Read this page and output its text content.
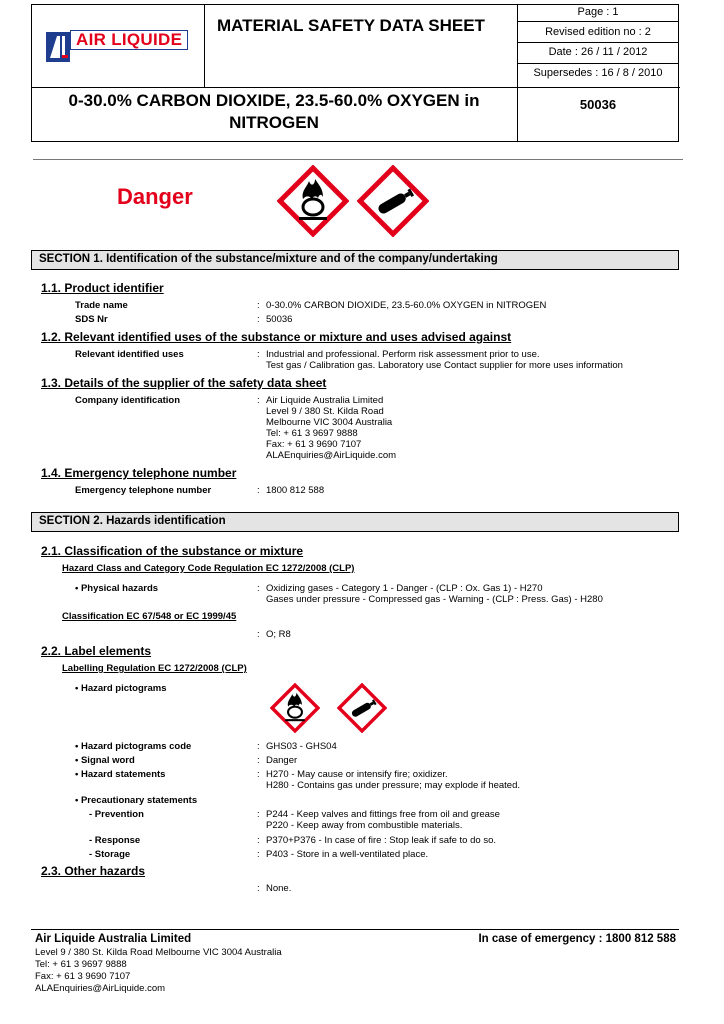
AIR LIQUIDE
MATERIAL SAFETY DATA SHEET
Page : 1
Revised edition no : 2
Date : 26 / 11 / 2012
Supersedes : 16 / 8 / 2010
0-30.0% CARBON DIOXIDE, 23.5-60.0% OXYGEN in NITROGEN
50036
Danger
SECTION 1. Identification of the substance/mixture and of the company/undertaking
1.1. Product identifier
Trade name	: 0-30.0% CARBON DIOXIDE, 23.5-60.0% OXYGEN in NITROGEN
SDS Nr	: 50036
1.2. Relevant identified uses of the substance or mixture and uses advised against
Relevant identified uses	: Industrial and professional. Perform risk assessment prior to use.
Test gas / Calibration gas. Laboratory use Contact supplier for more uses information
1.3. Details of the supplier of the safety data sheet
Company identification	: Air Liquide Australia Limited
Level 9 / 380 St. Kilda Road
Melbourne VIC 3004 Australia
Tel: + 61 3 9697 9888
Fax: + 61 3 9690 7107
ALAEnquiries@AirLiquide.com
1.4. Emergency telephone number
Emergency telephone number	: 1800 812 588
SECTION 2. Hazards identification
2.1. Classification of the substance or mixture
Hazard Class and Category Code Regulation EC 1272/2008 (CLP)
• Physical hazards	: Oxidizing gases - Category 1 - Danger - (CLP : Ox. Gas 1) - H270
Gases under pressure - Compressed gas - Warning - (CLP : Press. Gas) - H280
Classification EC 67/548 or EC 1999/45
: O; R8
2.2. Label elements
Labelling Regulation EC 1272/2008 (CLP)
• Hazard pictograms
• Hazard pictograms code	: GHS03 - GHS04
• Signal word	: Danger
• Hazard statements	: H270 - May cause or intensify fire; oxidizer.
H280 - Contains gas under pressure; may explode if heated.
• Precautionary statements
- Prevention	: P244 - Keep valves and fittings free from oil and grease
P220 - Keep away from combustible materials.
- Response	: P370+P376 - In case of fire : Stop leak if safe to do so.
- Storage	: P403 - Store in a well-ventilated place.
2.3. Other hazards
: None.
Air Liquide Australia Limited	In case of emergency : 1800 812 588
Level 9 / 380 St. Kilda Road Melbourne VIC 3004 Australia
Tel: + 61 3 9697 9888
Fax: + 61 3 9690 7107
ALAEnquiries@AirLiquide.com
